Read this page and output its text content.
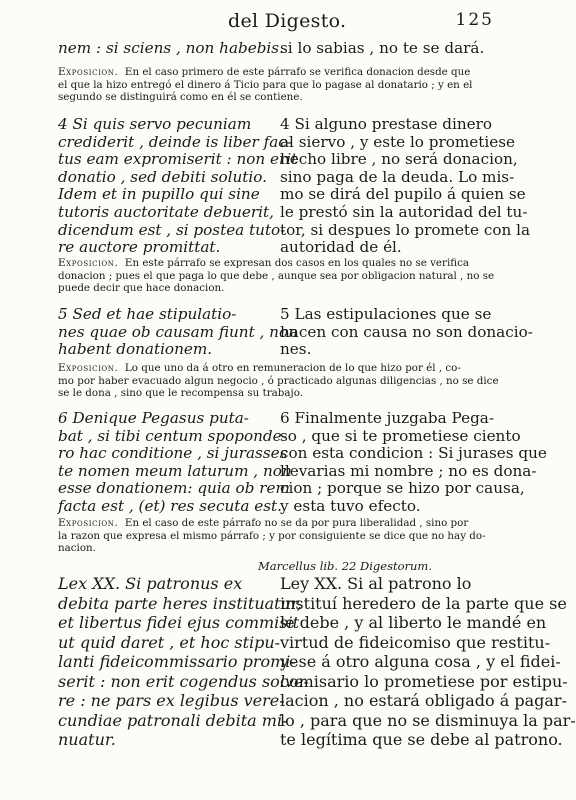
del Digesto.	125
nem : si sciens , non habebis.
si lo sabias , no te se dará.
Exposicion. En el caso primero de este párrafo se verifica donacion desde que
el que la hizo entregó el dinero á Ticio para que lo pagase al donatario ; y en el
segundo se distinguirá como en él se contiene.
4 Si quis servo pecuniam
crediderit , deinde is liber fac-
tus eam expromiserit : non erit
donatio , sed debiti solutio.
Idem et in pupillo qui sine
tutoris auctoritate debuerit,
dicendum est , si postea tuto-
re auctore promittat.
4 Si alguno prestase dinero
al siervo , y este lo prometiese
hecho libre , no será donacion,
sino paga de la deuda. Lo mis-
mo se dirá del pupilo á quien se
le prestó sin la autoridad del tu-
tor, si despues lo promete con la
autoridad de él.
Exposicion. En este párrafo se expresan dos casos en los quales no se verifica
donacion ; pues el que paga lo que debe , aunque sea por obligacion natural , no se
puede decir que hace donacion.
5 Sed et hae stipulatio-
nes quae ob causam fiunt , non
habent donationem.
5 Las estipulaciones que se
hacen con causa no son donacio-
nes.
Exposicion. Lo que uno da á otro en remuneracion de lo que hizo por él , co-
mo por haber evacuado algun negocio , ó practicado algunas diligencias , no se dice
se le dona , sino que le recompensa su trabajo.
6 Denique Pegasus puta-
bat , si tibi centum spoponde-
ro hac conditione , si jurasses
te nomen meum laturum , non
esse donationem: quia ob rem
facta est , (et) res secuta est.
6 Finalmente juzgaba Pega-
so , que si te prometiese ciento
con esta condicion : Si jurases que
llevarias mi nombre ; no es dona-
cion ; porque se hizo por causa,
y esta tuvo efecto.
Exposicion. En el caso de este párrafo no se da por pura liberalidad , sino por
la razon que expresa el mismo párrafo ; y por consiguiente se dice que no hay do-
nacion.
Marcellus lib. 22 Digestorum.
Lex XX. Si patronus ex
debita parte heres instituatur,
et libertus fidei ejus commisit
ut quid daret , et hoc stipu-
lanti fideicommissario promi-
serit : non erit cogendus solve-
re : ne pars ex legibus vere-
cundiae patronali debita mi-
nuatur.
Ley XX. Si al patrono lo
instituí heredero de la parte que se
le debe , y al liberto le mandé en
virtud de fideicomiso que restitu-
yese á otro alguna cosa , y el fidei-
comisario lo prometiese por estipu-
lacion , no estará obligado á pagar-
lo , para que no se disminuya la par-
te legítima que se debe al patrono.
